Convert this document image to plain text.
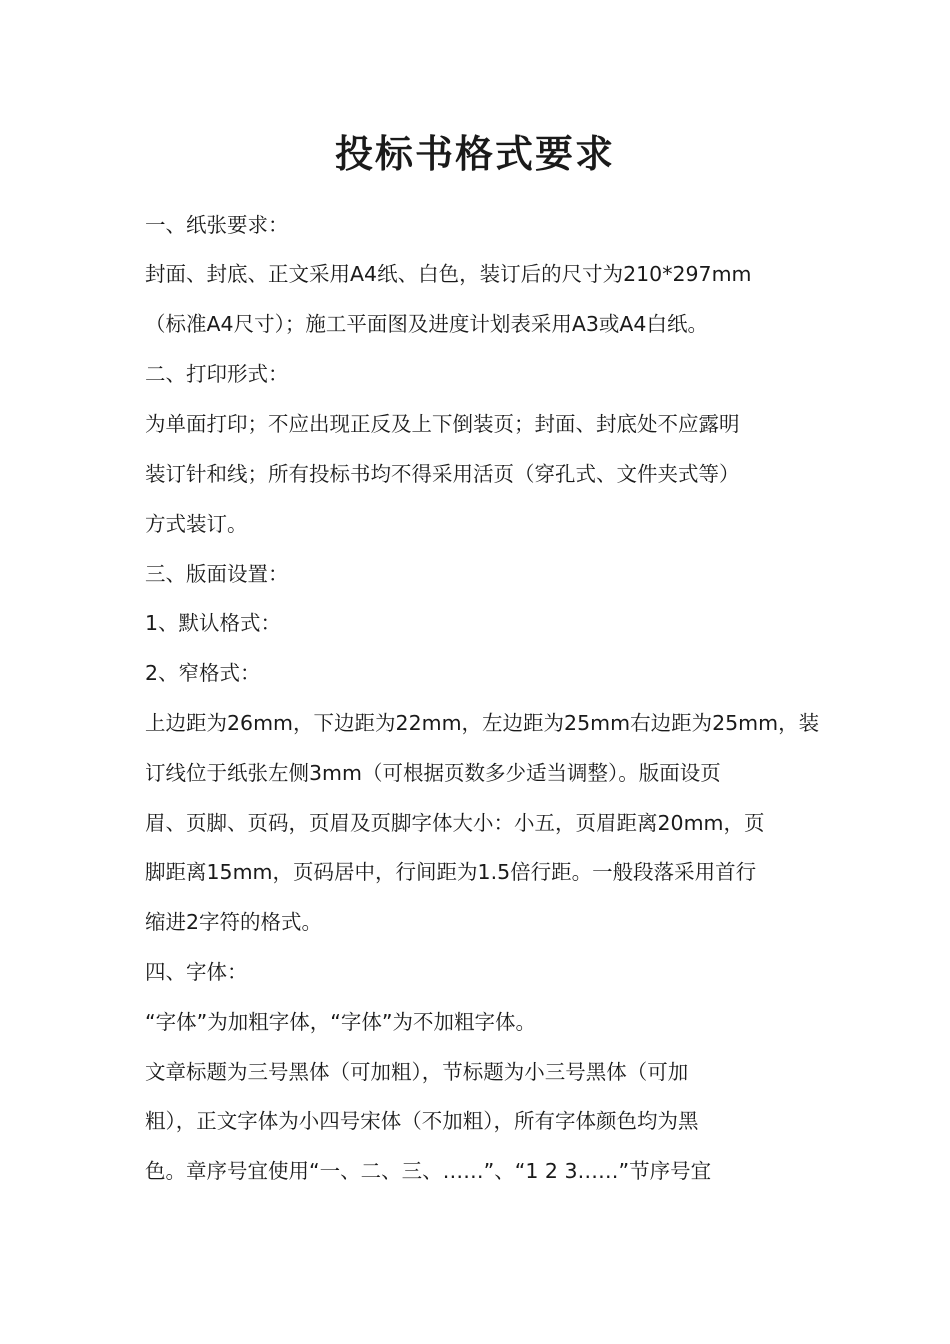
投标书格式要求
一、纸张要求：
封面、封底、正文采用A4纸、白色，装订后的尺寸为210*297mm
（标准A4尺寸）；施工平面图及进度计划表采用A3或A4白纸。
二、打印形式：
为单面打印；不应出现正反及上下倒装页；封面、封底处不应露明
装订针和线；所有投标书均不得采用活页（穿孔式、文件夹式等）
方式装订。
三、版面设置：
1、默认格式：
2、窄格式：
上边距为26mm，下边距为22mm，左边距为25mm右边距为25mm，装
订线位于纸张左侧3mm（可根据页数多少适当调整）。版面设页
眉、页脚、页码，页眉及页脚字体大小：小五，页眉距离20mm，页
脚距离15mm，页码居中，行间距为1.5倍行距。一般段落采用首行
缩进2字符的格式。
四、字体：
“字体”为加粗字体，“字体”为不加粗字体。
文章标题为三号黑体（可加粗），节标题为小三号黑体（可加
粗），正文字体为小四号宋体（不加粗），所有字体颜色均为黑
色。章序号宜使用“一、二、三、……”、“1 2 3……”节序号宜
